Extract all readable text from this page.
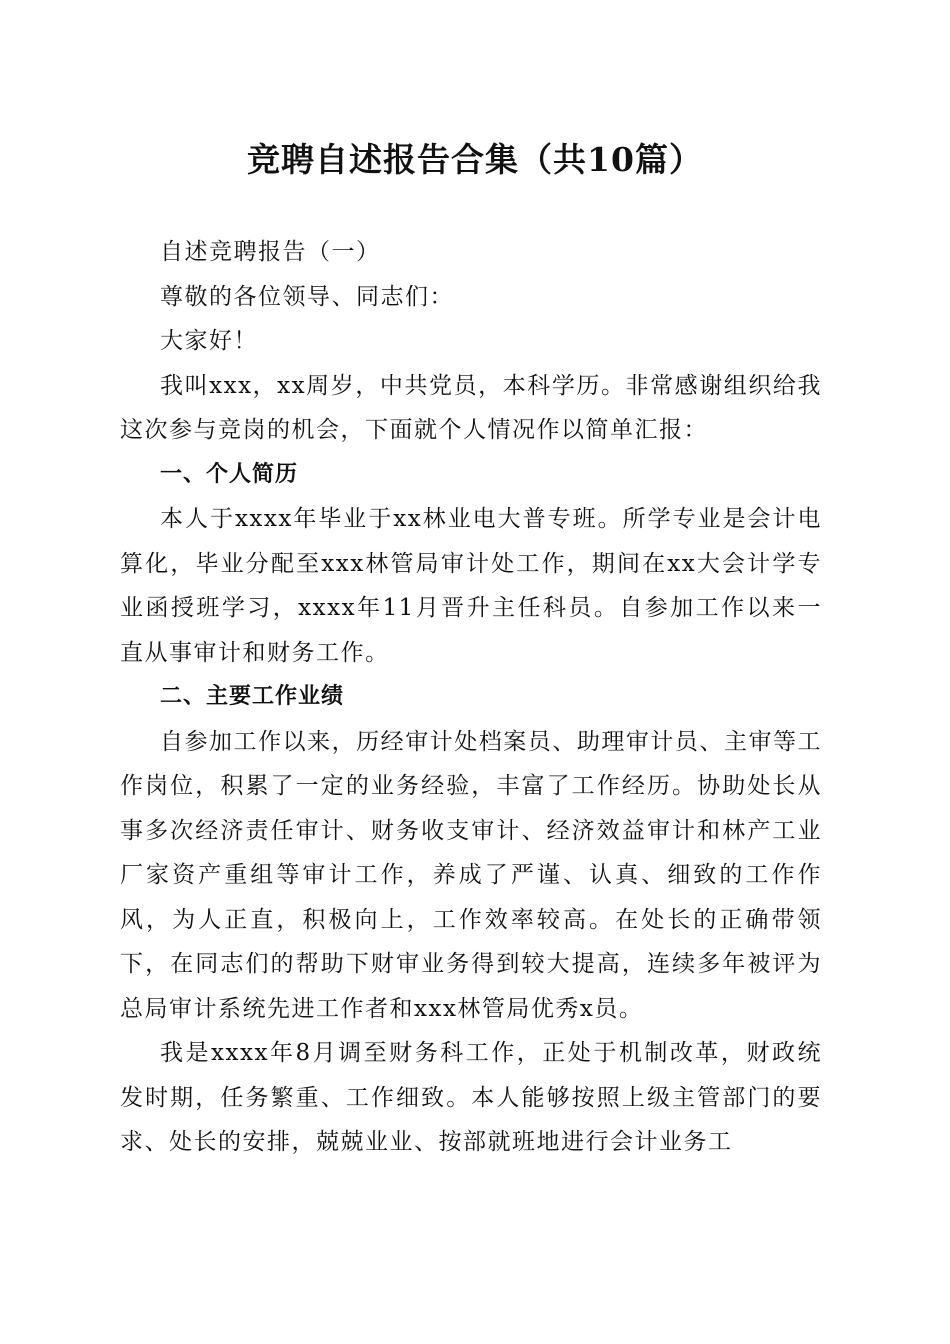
竞聘自述报告合集（共10篇）

自述竞聘报告（一）

尊敬的各位领导、同志们：

大家好！

我叫xxx，xx周岁，中共党员，本科学历。非常感谢组织给我这次参与竞岗的机会，下面就个人情况作以简单汇报：

一、个人简历

本人于xxxx年毕业于xx林业电大普专班。所学专业是会计电算化，毕业分配至xxx林管局审计处工作，期间在xx大会计学专业函授班学习，xxxx年11月晋升主任科员。自参加工作以来一直从事审计和财务工作。

二、主要工作业绩

自参加工作以来，历经审计处档案员、助理审计员、主审等工作岗位，积累了一定的业务经验，丰富了工作经历。协助处长从事多次经济责任审计、财务收支审计、经济效益审计和林产工业厂家资产重组等审计工作，养成了严谨、认真、细致的工作作风，为人正直，积极向上，工作效率较高。在处长的正确带领下，在同志们的帮助下财审业务得到较大提高，连续多年被评为总局审计系统先进工作者和xxx林管局优秀x员。

我是xxxx年8月调至财务科工作，正处于机制改革，财政统发时期，任务繁重、工作细致。本人能够按照上级主管部门的要求、处长的安排，兢兢业业、按部就班地进行会计业务工
